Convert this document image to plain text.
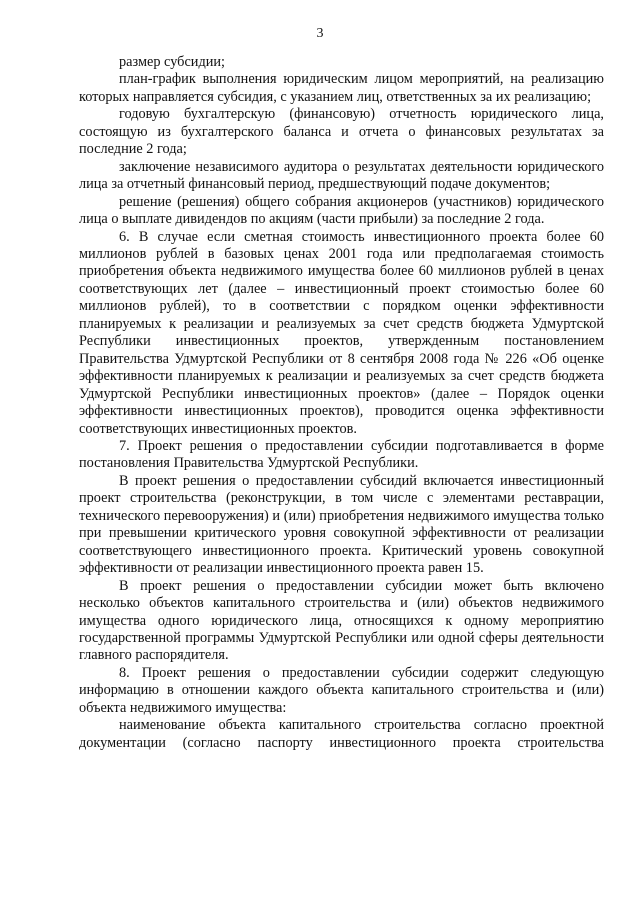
3

размер субсидии;

план-график выполнения юридическим лицом мероприятий, на реализацию которых направляется субсидия, с указанием лиц, ответственных за их реализацию;

годовую бухгалтерскую (финансовую) отчетность юридического лица, состоящую из бухгалтерского баланса и отчета о финансовых результатах за последние 2 года;

заключение независимого аудитора о результатах деятельности юридического лица за отчетный финансовый период, предшествующий подаче документов;

решение (решения) общего собрания акционеров (участников) юридического лица о выплате дивидендов по акциям (части прибыли) за последние 2 года.

6. В случае если сметная стоимость инвестиционного проекта более 60 миллионов рублей в базовых ценах 2001 года или предполагаемая стоимость приобретения объекта недвижимого имущества более 60 миллионов рублей в ценах соответствующих лет (далее – инвестиционный проект стоимостью более 60 миллионов рублей), то в соответствии с порядком оценки эффективности планируемых к реализации и реализуемых за счет средств бюджета Удмуртской Республики инвестиционных проектов, утвержденным постановлением Правительства Удмуртской Республики от 8 сентября 2008 года № 226 «Об оценке эффективности планируемых к реализации и реализуемых за счет средств бюджета Удмуртской Республики инвестиционных проектов» (далее – Порядок оценки эффективности инвестиционных проектов), проводится оценка эффективности соответствующих инвестиционных проектов.

7. Проект решения о предоставлении субсидии подготавливается в форме постановления Правительства Удмуртской Республики.

В проект решения о предоставлении субсидий включается инвестиционный проект строительства (реконструкции, в том числе с элементами реставрации, технического перевооружения) и (или) приобретения недвижимого имущества только при превышении критического уровня совокупной эффективности от реализации соответствующего инвестиционного проекта. Критический уровень совокупной эффективности от реализации инвестиционного проекта равен 15.

В проект решения о предоставлении субсидии может быть включено несколько объектов капитального строительства и (или) объектов недвижимого имущества одного юридического лица, относящихся к одному мероприятию государственной программы Удмуртской Республики или одной сферы деятельности главного распорядителя.

8. Проект решения о предоставлении субсидии содержит следующую информацию в отношении каждого объекта капитального строительства и (или) объекта недвижимого имущества:

наименование объекта капитального строительства согласно проектной документации (согласно паспорту инвестиционного проекта строительства
